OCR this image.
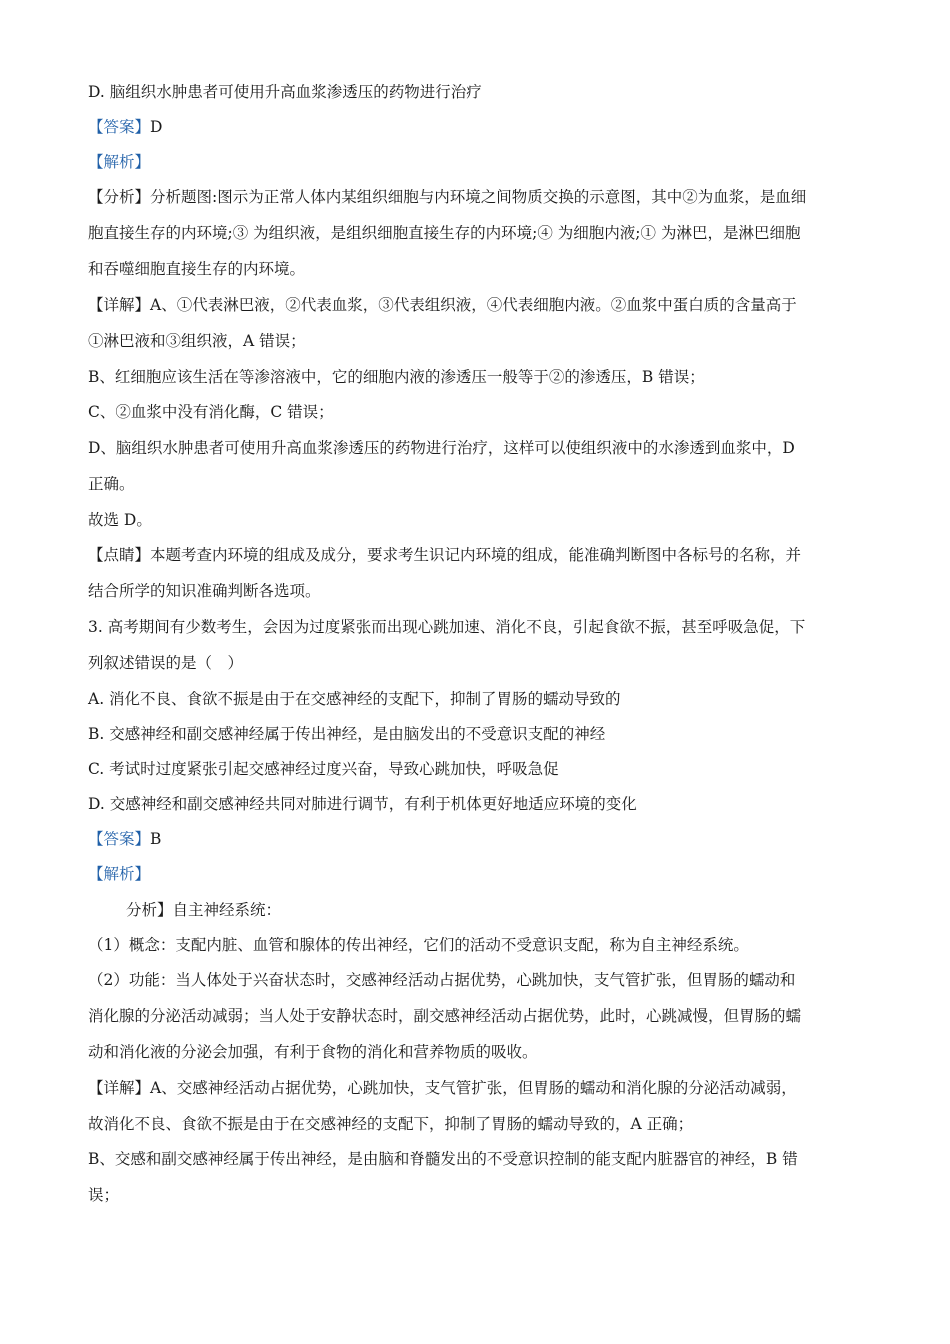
D. 脑组织水肿患者可使用升高血浆渗透压的药物进行治疗
【答案】D
【解析】
【分析】分析题图:图示为正常人体内某组织细胞与内环境之间物质交换的示意图，其中②为血浆，是血细
胞直接生存的内环境;③ 为组织液，是组织细胞直接生存的内环境;④ 为细胞内液;① 为淋巴，是淋巴细胞
和吞噬细胞直接生存的内环境。
【详解】A、①代表淋巴液，②代表血浆，③代表组织液，④代表细胞内液。②血浆中蛋白质的含量高于
①淋巴液和③组织液，A 错误；
B、红细胞应该生活在等渗溶液中，它的细胞内液的渗透压一般等于②的渗透压，B 错误；
C、②血浆中没有消化酶，C 错误；
D、脑组织水肿患者可使用升高血浆渗透压的药物进行治疗，这样可以使组织液中的水渗透到血浆中，D
正确。
故选 D。
【点睛】本题考查内环境的组成及成分，要求考生识记内环境的组成，能准确判断图中各标号的名称，并
结合所学的知识准确判断各选项。
3. 高考期间有少数考生，会因为过度紧张而出现心跳加速、消化不良，引起食欲不振，甚至呼吸急促，下
列叙述错误的是（　）
A. 消化不良、食欲不振是由于在交感神经的支配下，抑制了胃肠的蠕动导致的
B. 交感神经和副交感神经属于传出神经，是由脑发出的不受意识支配的神经
C. 考试时过度紧张引起交感神经过度兴奋，导致心跳加快，呼吸急促
D. 交感神经和副交感神经共同对肺进行调节，有利于机体更好地适应环境的变化
【答案】B
【解析】
分析】自主神经系统：
（1）概念：支配内脏、血管和腺体的传出神经，它们的活动不受意识支配，称为自主神经系统。
（2）功能：当人体处于兴奋状态时，交感神经活动占据优势，心跳加快，支气管扩张，但胃肠的蠕动和
消化腺的分泌活动减弱；当人处于安静状态时，副交感神经活动占据优势，此时，心跳减慢，但胃肠的蠕
动和消化液的分泌会加强，有利于食物的消化和营养物质的吸收。
【详解】A、交感神经活动占据优势，心跳加快，支气管扩张，但胃肠的蠕动和消化腺的分泌活动减弱，
故消化不良、食欲不振是由于在交感神经的支配下，抑制了胃肠的蠕动导致的，A 正确；
B、交感和副交感神经属于传出神经，是由脑和脊髓发出的不受意识控制的能支配内脏器官的神经，B 错
误；
